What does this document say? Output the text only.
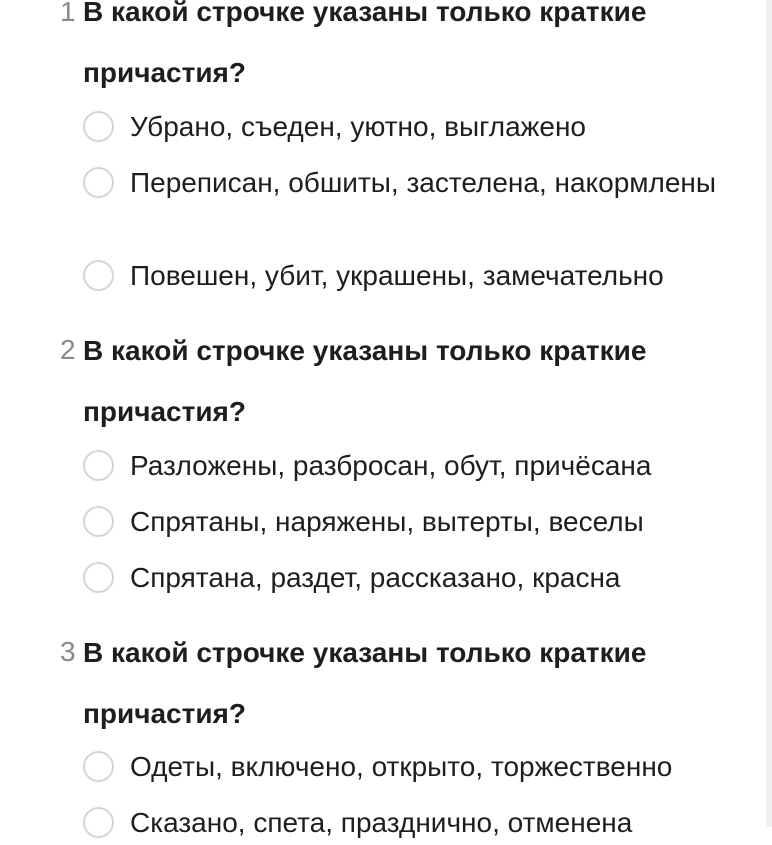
1 В какой строчке указаны только краткие причастия?
Убрано, съеден, уютно, выглажено
Переписан, обшиты, застелена, накормлены
Повешен, убит, украшены, замечательно
2 В какой строчке указаны только краткие причастия?
Разложены, разбросан, обут, причёсана
Спрятаны, наряжены, вытерты, веселы
Спрятана, раздет, рассказано, красна
3 В какой строчке указаны только краткие причастия?
Одеты, включено, открыто, торжественно
Сказано, спета, празднично, отменена
